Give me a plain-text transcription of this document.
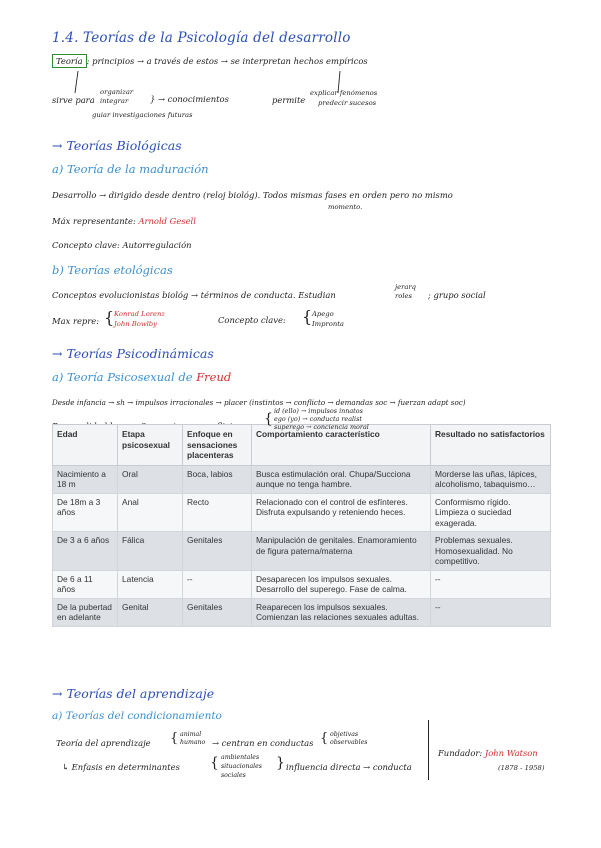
1.4. Teorías de la Psicología del desarrollo
Teoría : principios → a través de estos → se interpretan hechos empíricos
sirve para
organizar
integrar	} → conocimientos
guiar investigaciones futuras
permite
explicar fenómenos
predecir sucesos
→ Teorías Biológicas
a) Teoría de la maduración
Desarrollo → dirigido desde dentro (reloj biológ). Todos mismas fases en orden pero no mismo
momento.
Máx representante: Arnold Gesell
Concepto clave: Autorregulación
b) Teorías etológicas
Conceptos evolucionistas biológ → términos de conducta. Estudian
jerarq
roles	; grupo social
Max repre: { Konrad Lorenz
John Bowlby	Concepto clave: { Apego
Impronta
→ Teorías Psicodinámicas
a) Teoría Psicosexual de Freud
Desde infancia → sh → impulsos irracionales → placer (instintos → conflicto → demandas soc → fuerzan adapt soc)
Edad	Etapa psicosexual	Enfoque en sensaciones placenteras	Comportamiento característico	Resultado no satisfactorios
Nacimiento a 18 m	Oral	Boca, labios	Busca estimulación oral. Chupa/Succiona aunque no tenga hambre.	Morderse las uñas, lápices, alcoholismo, tabaquismo…
De 18m a 3 años	Anal	Recto	Relacionado con el control de esfínteres. Disfruta expulsando y reteniendo heces.	Conformismo rígido. Limpieza o suciedad exagerada.
De 3 a 6 años	Fálica	Genitales	Manipulación de genitales. Enamoramiento de figura paterna/materna	Problemas sexuales. Homosexualidad. No competitivo.
De 6 a 11 años	Latencia	--	Desaparecen los impulsos sexuales. Desarrollo del superego. Fase de calma.	--
De la pubertad en adelante	Genital	Genitales	Reaparecen los impulsos sexuales. Comienzan las relaciones sexuales adultas.	--
{ id (ello) → impulsos innatos
ego (yo) → conducta realist
superego → conciencia moral
→ Teorías del aprendizaje
a) Teorías del condicionamiento
Teoría del aprendizaje { animal
humano → centran en conductas { objetivas
observables
↳ Enfasis en determinantes { ambientales
situacionales
sociales
} influencia directa → conducta
Fundador: John Watson
(1878 - 1958)
